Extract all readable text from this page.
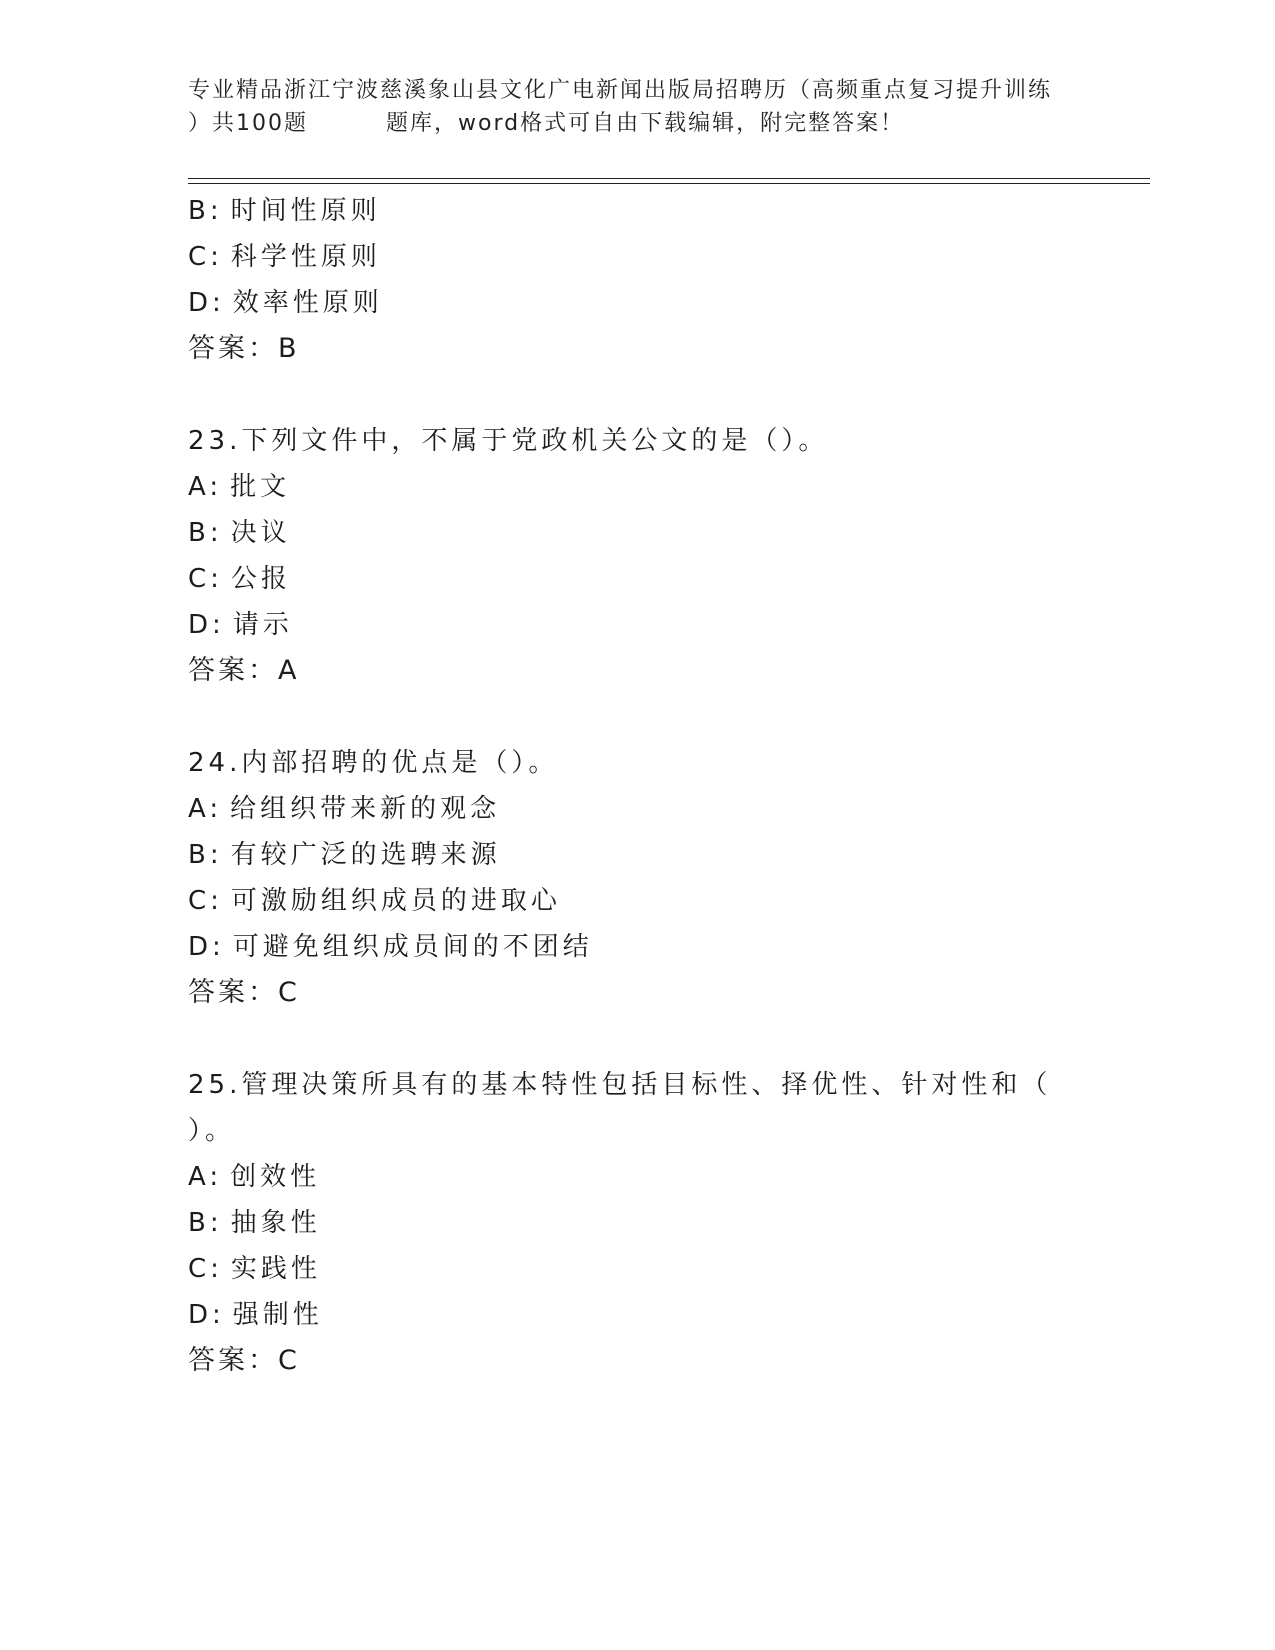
专业精品浙江宁波慈溪象山县文化广电新闻出版局招聘历（高频重点复习提升训练
）共100题	题库，word格式可自由下载编辑，附完整答案！
B: 时间性原则
C: 科学性原则
D: 效率性原则
答案：B
23.下列文件中，不属于党政机关公文的是（）。
A: 批文
B: 决议
C: 公报
D: 请示
答案：A
24.内部招聘的优点是（）。
A: 给组织带来新的观念
B: 有较广泛的选聘来源
C: 可激励组织成员的进取心
D: 可避免组织成员间的不团结
答案：C
25.管理决策所具有的基本特性包括目标性、择优性、针对性和（
）。
A: 创效性
B: 抽象性
C: 实践性
D: 强制性
答案：C
